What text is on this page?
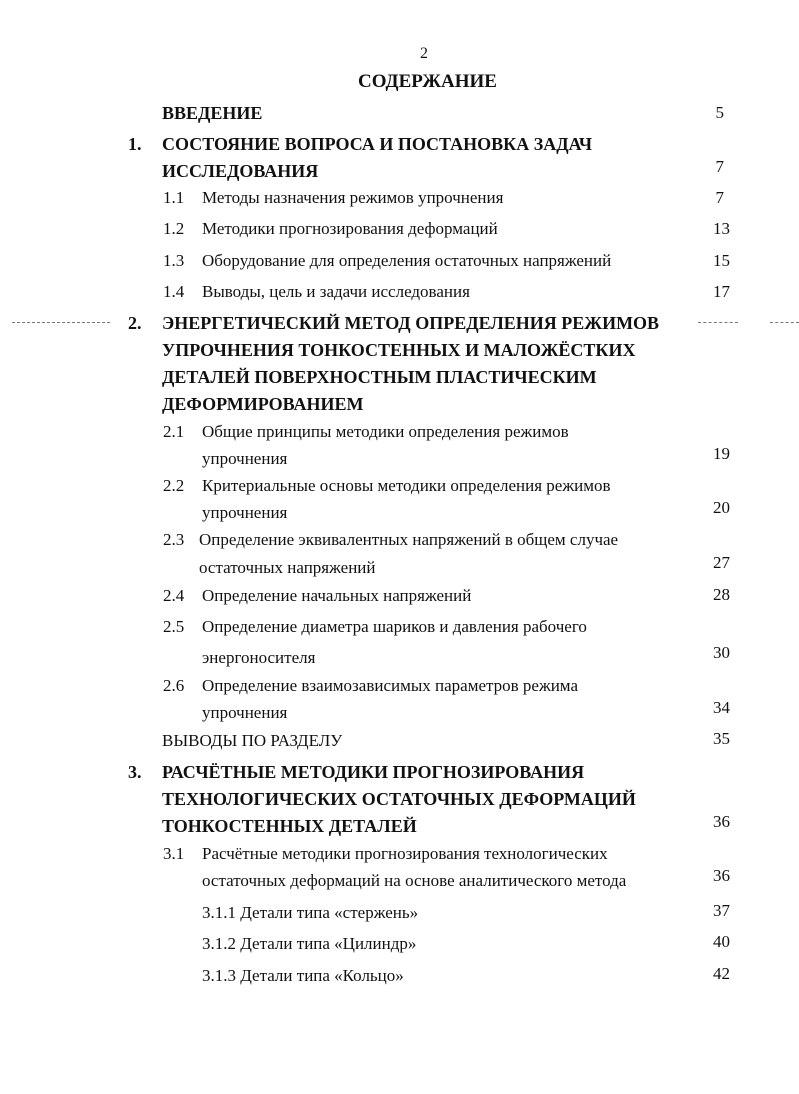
2
СОДЕРЖАНИЕ
ВВЕДЕНИЕ	5
1. СОСТОЯНИЕ ВОПРОСА И ПОСТАНОВКА ЗАДАЧ
ИССЛЕДОВАНИЯ	7
1.1 Методы назначения режимов упрочнения	7
1.2 Методики прогнозирования деформаций	13
1.3 Оборудование для определения остаточных напряжений	15
1.4 Выводы, цель и задачи исследования	17
2. ЭНЕРГЕТИЧЕСКИЙ МЕТОД ОПРЕДЕЛЕНИЯ РЕЖИМОВ
УПРОЧНЕНИЯ ТОНКОСТЕННЫХ И МАЛОЖЁСТКИХ
ДЕТАЛЕЙ ПОВЕРХНОСТНЫМ ПЛАСТИЧЕСКИМ
ДЕФОРМИРОВАНИЕМ
2.1 Общие принципы методики определения режимов
упрочнения	19
2.2 Критериальные основы методики определения режимов
упрочнения	20
2.3 Определение эквивалентных напряжений в общем случае
остаточных напряжений	27
2.4 Определение начальных напряжений	28
2.5 Определение диаметра шариков и давления рабочего
энергоносителя	30
2.6 Определение взаимозависимых параметров режима
упрочнения	34
ВЫВОДЫ ПО РАЗДЕЛУ	35
3. РАСЧЁТНЫЕ МЕТОДИКИ ПРОГНОЗИРОВАНИЯ
ТЕХНОЛОГИЧЕСКИХ ОСТАТОЧНЫХ ДЕФОРМАЦИЙ
ТОНКОСТЕННЫХ ДЕТАЛЕЙ	36
3.1 Расчётные методики прогнозирования технологических
остаточных деформаций на основе аналитического метода	36
3.1.1 Детали типа «стержень»	37
3.1.2 Детали типа «Цилиндр»	40
3.1.3 Детали типа «Кольцо»	42
